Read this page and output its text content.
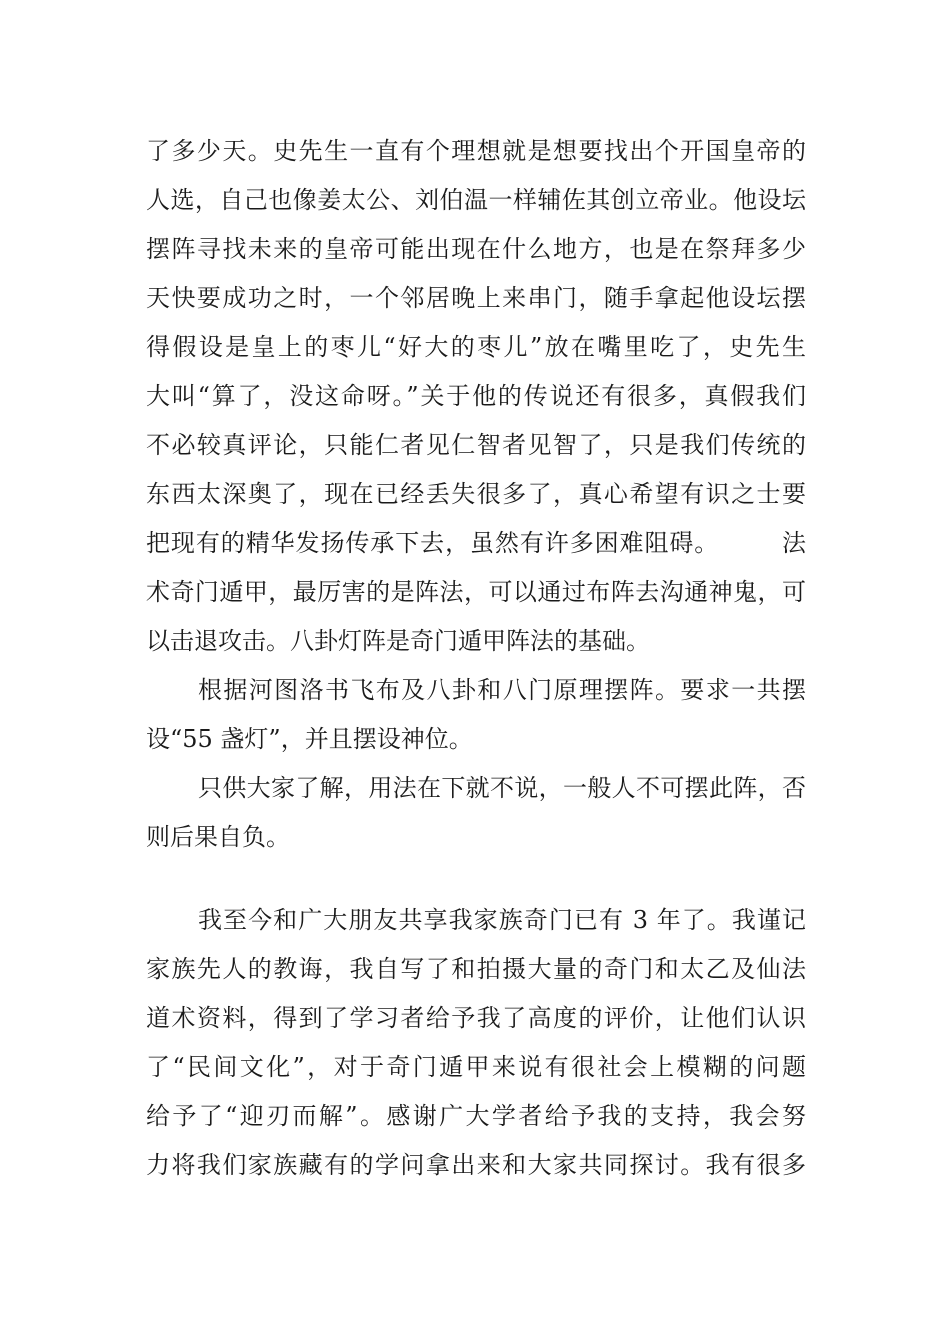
了多少天。史先生一直有个理想就是想要找出个开国皇帝的
人选，自己也像姜太公、刘伯温一样辅佐其创立帝业。他设坛
摆阵寻找未来的皇帝可能出现在什么地方，也是在祭拜多少
天快要成功之时，一个邻居晚上来串门，随手拿起他设坛摆
得假设是皇上的枣儿“好大的枣儿”放在嘴里吃了，史先生
大叫“算了，没这命呀。”关于他的传说还有很多，真假我们
不必较真评论，只能仁者见仁智者见智了，只是我们传统的
东西太深奥了，现在已经丢失很多了，真心希望有识之士要
把现有的精华发扬传承下去，虽然有许多困难阻碍。　　　法
术奇门遁甲，最厉害的是阵法，可以通过布阵去沟通神鬼，可
以击退攻击。八卦灯阵是奇门遁甲阵法的基础。
根据河图洛书飞布及八卦和八门原理摆阵。要求一共摆
设“55 盏灯”，并且摆设神位。
只供大家了解，用法在下就不说，一般人不可摆此阵，否
则后果自负。
我至今和广大朋友共享我家族奇门已有 3 年了。我谨记
家族先人的教诲，我自写了和拍摄大量的奇门和太乙及仙法
道术资料，得到了学习者给予我了高度的评价，让他们认识
了“民间文化”，对于奇门遁甲来说有很社会上模糊的问题
给予了“迎刃而解”。感谢广大学者给予我的支持，我会努
力将我们家族藏有的学问拿出来和大家共同探讨。我有很多
